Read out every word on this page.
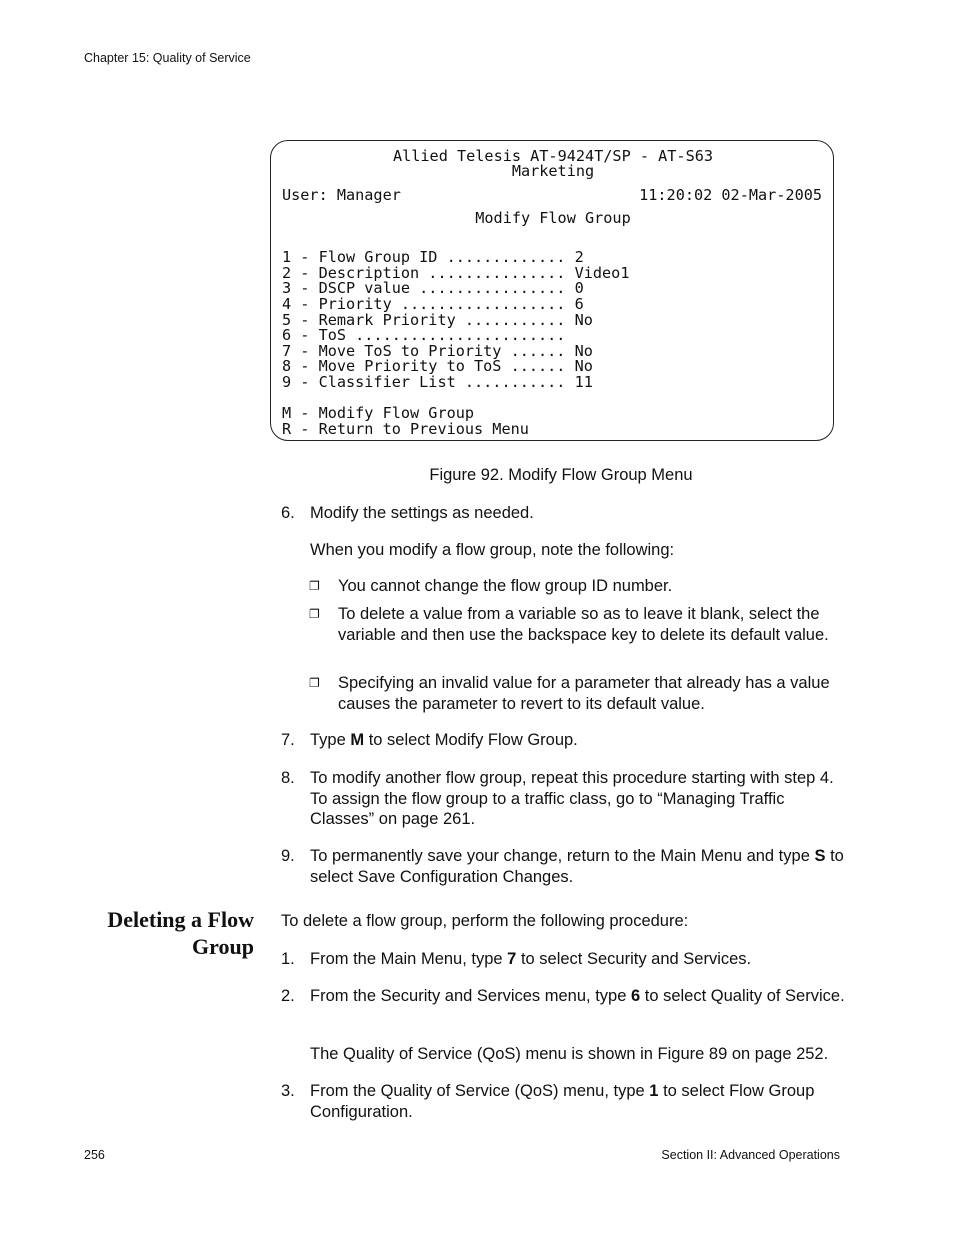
Chapter 15: Quality of Service
Allied Telesis AT-9424T/SP - AT-S63
Marketing
User: Manager	11:20:02 02-Mar-2005
Modify Flow Group
1 - Flow Group ID ............. 2
2 - Description ............... Video1
3 - DSCP value ................ 0
4 - Priority .................. 6
5 - Remark Priority ........... No
6 - ToS .......................
7 - Move ToS to Priority ...... No
8 - Move Priority to ToS ...... No
9 - Classifier List ........... 11
M - Modify Flow Group
R - Return to Previous Menu
Figure 92. Modify Flow Group Menu
6. Modify the settings as needed.
When you modify a flow group, note the following:
❐ You cannot change the flow group ID number.
❐ To delete a value from a variable so as to leave it blank, select the variable and then use the backspace key to delete its default value.
❐ Specifying an invalid value for a parameter that already has a value causes the parameter to revert to its default value.
7. Type M to select Modify Flow Group.
8. To modify another flow group, repeat this procedure starting with step 4. To assign the flow group to a traffic class, go to “Managing Traffic Classes” on page 261.
9. To permanently save your change, return to the Main Menu and type S to select Save Configuration Changes.
Deleting a Flow
Group
To delete a flow group, perform the following procedure:
1. From the Main Menu, type 7 to select Security and Services.
2. From the Security and Services menu, type 6 to select Quality of Service.
The Quality of Service (QoS) menu is shown in Figure 89 on page 252.
3. From the Quality of Service (QoS) menu, type 1 to select Flow Group Configuration.
256	Section II: Advanced Operations
